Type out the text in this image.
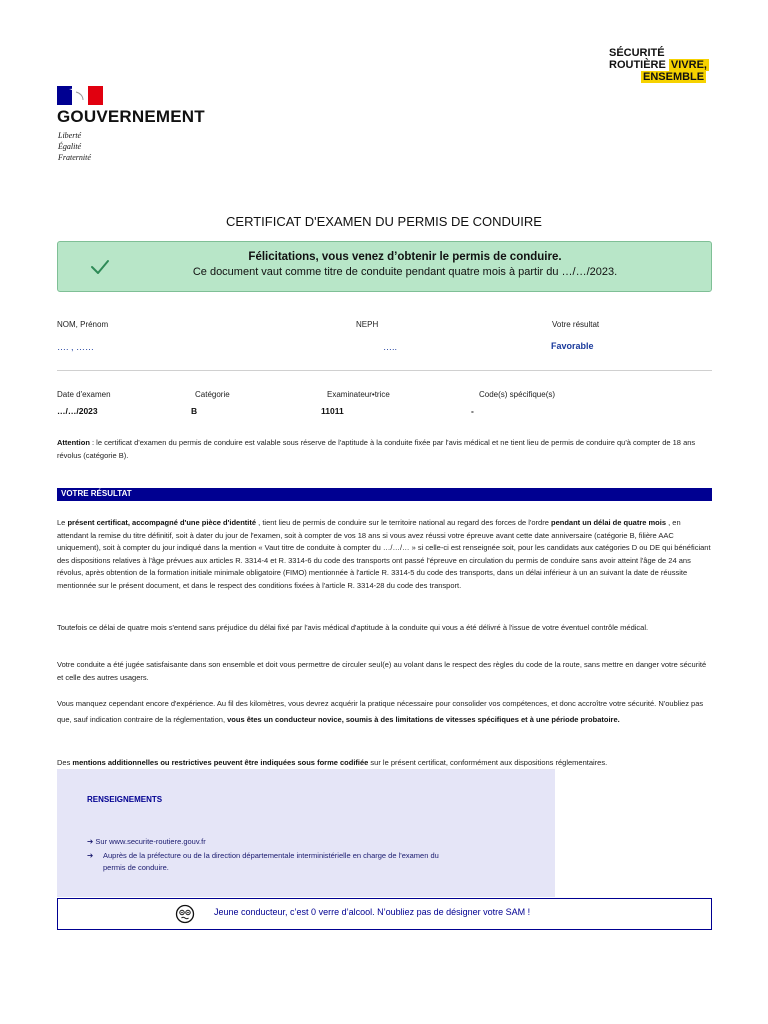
GOUVERNEMENT
Liberté
Égalité
Fraternité
SÉCURITÉ
ROUTIÈRE VIVRE,
ENSEMBLE
CERTIFICAT D'EXAMEN DU PERMIS DE CONDUIRE
Félicitations, vous venez d’obtenir le permis de conduire.
Ce document vaut comme titre de conduite pendant quatre mois à partir du …/…/2023.
NOM, Prénom
…. , ……
NEPH
…..
Votre résultat
Favorable
Date d'examen
…/…/2023
Catégorie
B
Examinateur•trice
11011
Code(s) spécifique(s)
-
Attention : le certificat d'examen du permis de conduire est valable sous réserve de l'aptitude à la conduite fixée par l'avis médical et ne tient lieu de permis de conduire qu'à compter de 18 ans révolus (catégorie B).
VOTRE RÉSULTAT
Le présent certificat, accompagné d'une pièce d'identité , tient lieu de permis de conduire sur le territoire national au regard des forces de l'ordre pendant un délai de quatre mois , en attendant la remise du titre définitif, soit à dater du jour de l'examen, soit à compter de vos 18 ans si vous avez réussi votre épreuve avant cette date anniversaire (catégorie B, filière AAC uniquement), soit à compter du jour indiqué dans la mention « Vaut titre de conduite à compter du …/…/… » si celle-ci est renseignée soit, pour les candidats aux catégories D ou DE qui bénéficiant des dispositions relatives à l'âge prévues aux articles R. 3314-4 et R. 3314-6 du code des transports ont passé l'épreuve en circulation du permis de conduire sans avoir atteint l'âge de 24 ans révolus, après obtention de la formation initiale minimale obligatoire (FIMO) mentionnée à l'article R. 3314-5 du code des transports, dans un délai inférieur à un an suivant la date de réussite mentionnée sur le présent document, et dans le respect des conditions fixées à l'article R. 3314-28 du code des transport.
Toutefois ce délai de quatre mois s'entend sans préjudice du délai fixé par l'avis médical d'aptitude à la conduite qui vous a été délivré à l'issue de votre éventuel contrôle médical.
Votre conduite a été jugée satisfaisante dans son ensemble et doit vous permettre de circuler seul(e) au volant dans le respect des règles du code de la route, sans mettre en danger votre sécurité et celle des autres usagers.
Vous manquez cependant encore d'expérience. Au fil des kilomètres, vous devrez acquérir la pratique nécessaire pour consolider vos compétences, et donc accroître votre sécurité. N'oubliez pas que, sauf indication contraire de la réglementation, vous êtes un conducteur novice, soumis à des limitations de vitesses spécifiques et à une période probatoire.
Des mentions additionnelles ou restrictives peuvent être indiquées sous forme codifiée sur le présent certificat, conformément aux dispositions réglementaires.
RENSEIGNEMENTS
➔ Sur www.securite-routiere.gouv.fr
➔ Auprès de la préfecture ou de la direction départementale interministérielle en charge de l'examen du
permis de conduire.
Jeune conducteur, c’est 0 verre d’alcool. N’oubliez pas de désigner votre SAM !
